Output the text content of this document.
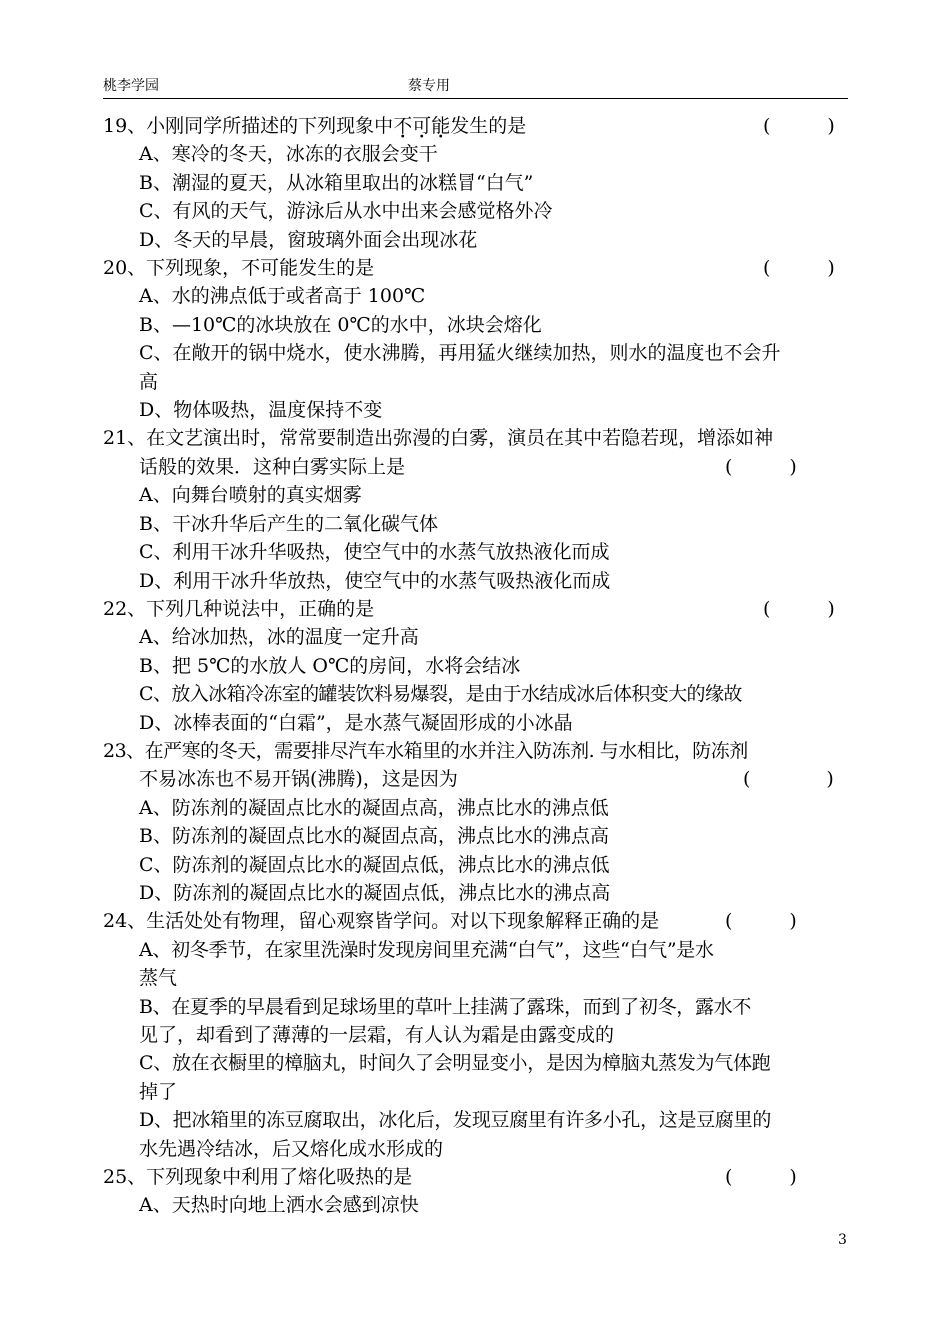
桃李学园	蔡专用
19、小刚同学所描述的下列现象中不可能发生的是	(　　　)
A、寒冷的冬天，冰冻的衣服会变干
B、潮湿的夏天，从冰箱里取出的冰糕冒“白气”
C、有风的天气，游泳后从水中出来会感觉格外冷
D、冬天的早晨，窗玻璃外面会出现冰花
20、下列现象，不可能发生的是	(　　　)
A、水的沸点低于或者高于 100℃
B、—10℃的冰块放在 0℃的水中，冰块会熔化
C、在敞开的锅中烧水，使水沸腾，再用猛火继续加热，则水的温度也不会升
高
D、物体吸热，温度保持不变
21、在文艺演出时，常常要制造出弥漫的白雾，演员在其中若隐若现，增添如神
话般的效果．这种白雾实际上是	(　　　)
A、向舞台喷射的真实烟雾
B、干冰升华后产生的二氧化碳气体
C、利用干冰升华吸热，使空气中的水蒸气放热液化而成
D、利用干冰升华放热，使空气中的水蒸气吸热液化而成
22、下列几种说法中，正确的是	(　　　)
A、给冰加热，冰的温度一定升高
B、把 5℃的水放人 O℃的房间，水将会结冰
C、放入冰箱冷冻室的罐装饮料易爆裂，是由于水结成冰后体积变大的缘故
D、冰棒表面的“白霜”，是水蒸气凝固形成的小冰晶
23、在严寒的冬天，需要排尽汽车水箱里的水并注入防冻剂. 与水相比，防冻剂
不易冰冻也不易开锅(沸腾)，这是因为	(　　　　)
A、防冻剂的凝固点比水的凝固点高，沸点比水的沸点低
B、防冻剂的凝固点比水的凝固点高，沸点比水的沸点高
C、防冻剂的凝固点比水的凝固点低，沸点比水的沸点低
D、防冻剂的凝固点比水的凝固点低，沸点比水的沸点高
24、生活处处有物理，留心观察皆学问。对以下现象解释正确的是	(　　　)
A、初冬季节，在家里洗澡时发现房间里充满“白气”，这些“白气”是水
蒸气
B、在夏季的早晨看到足球场里的草叶上挂满了露珠，而到了初冬，露水不
见了，却看到了薄薄的一层霜，有人认为霜是由露变成的
C、放在衣橱里的樟脑丸，时间久了会明显变小，是因为樟脑丸蒸发为气体跑
掉了
D、把冰箱里的冻豆腐取出，冰化后，发现豆腐里有许多小孔，这是豆腐里的
水先遇冷结冰，后又熔化成水形成的
25、下列现象中利用了熔化吸热的是	(　　　)
A、天热时向地上洒水会感到凉快
3
